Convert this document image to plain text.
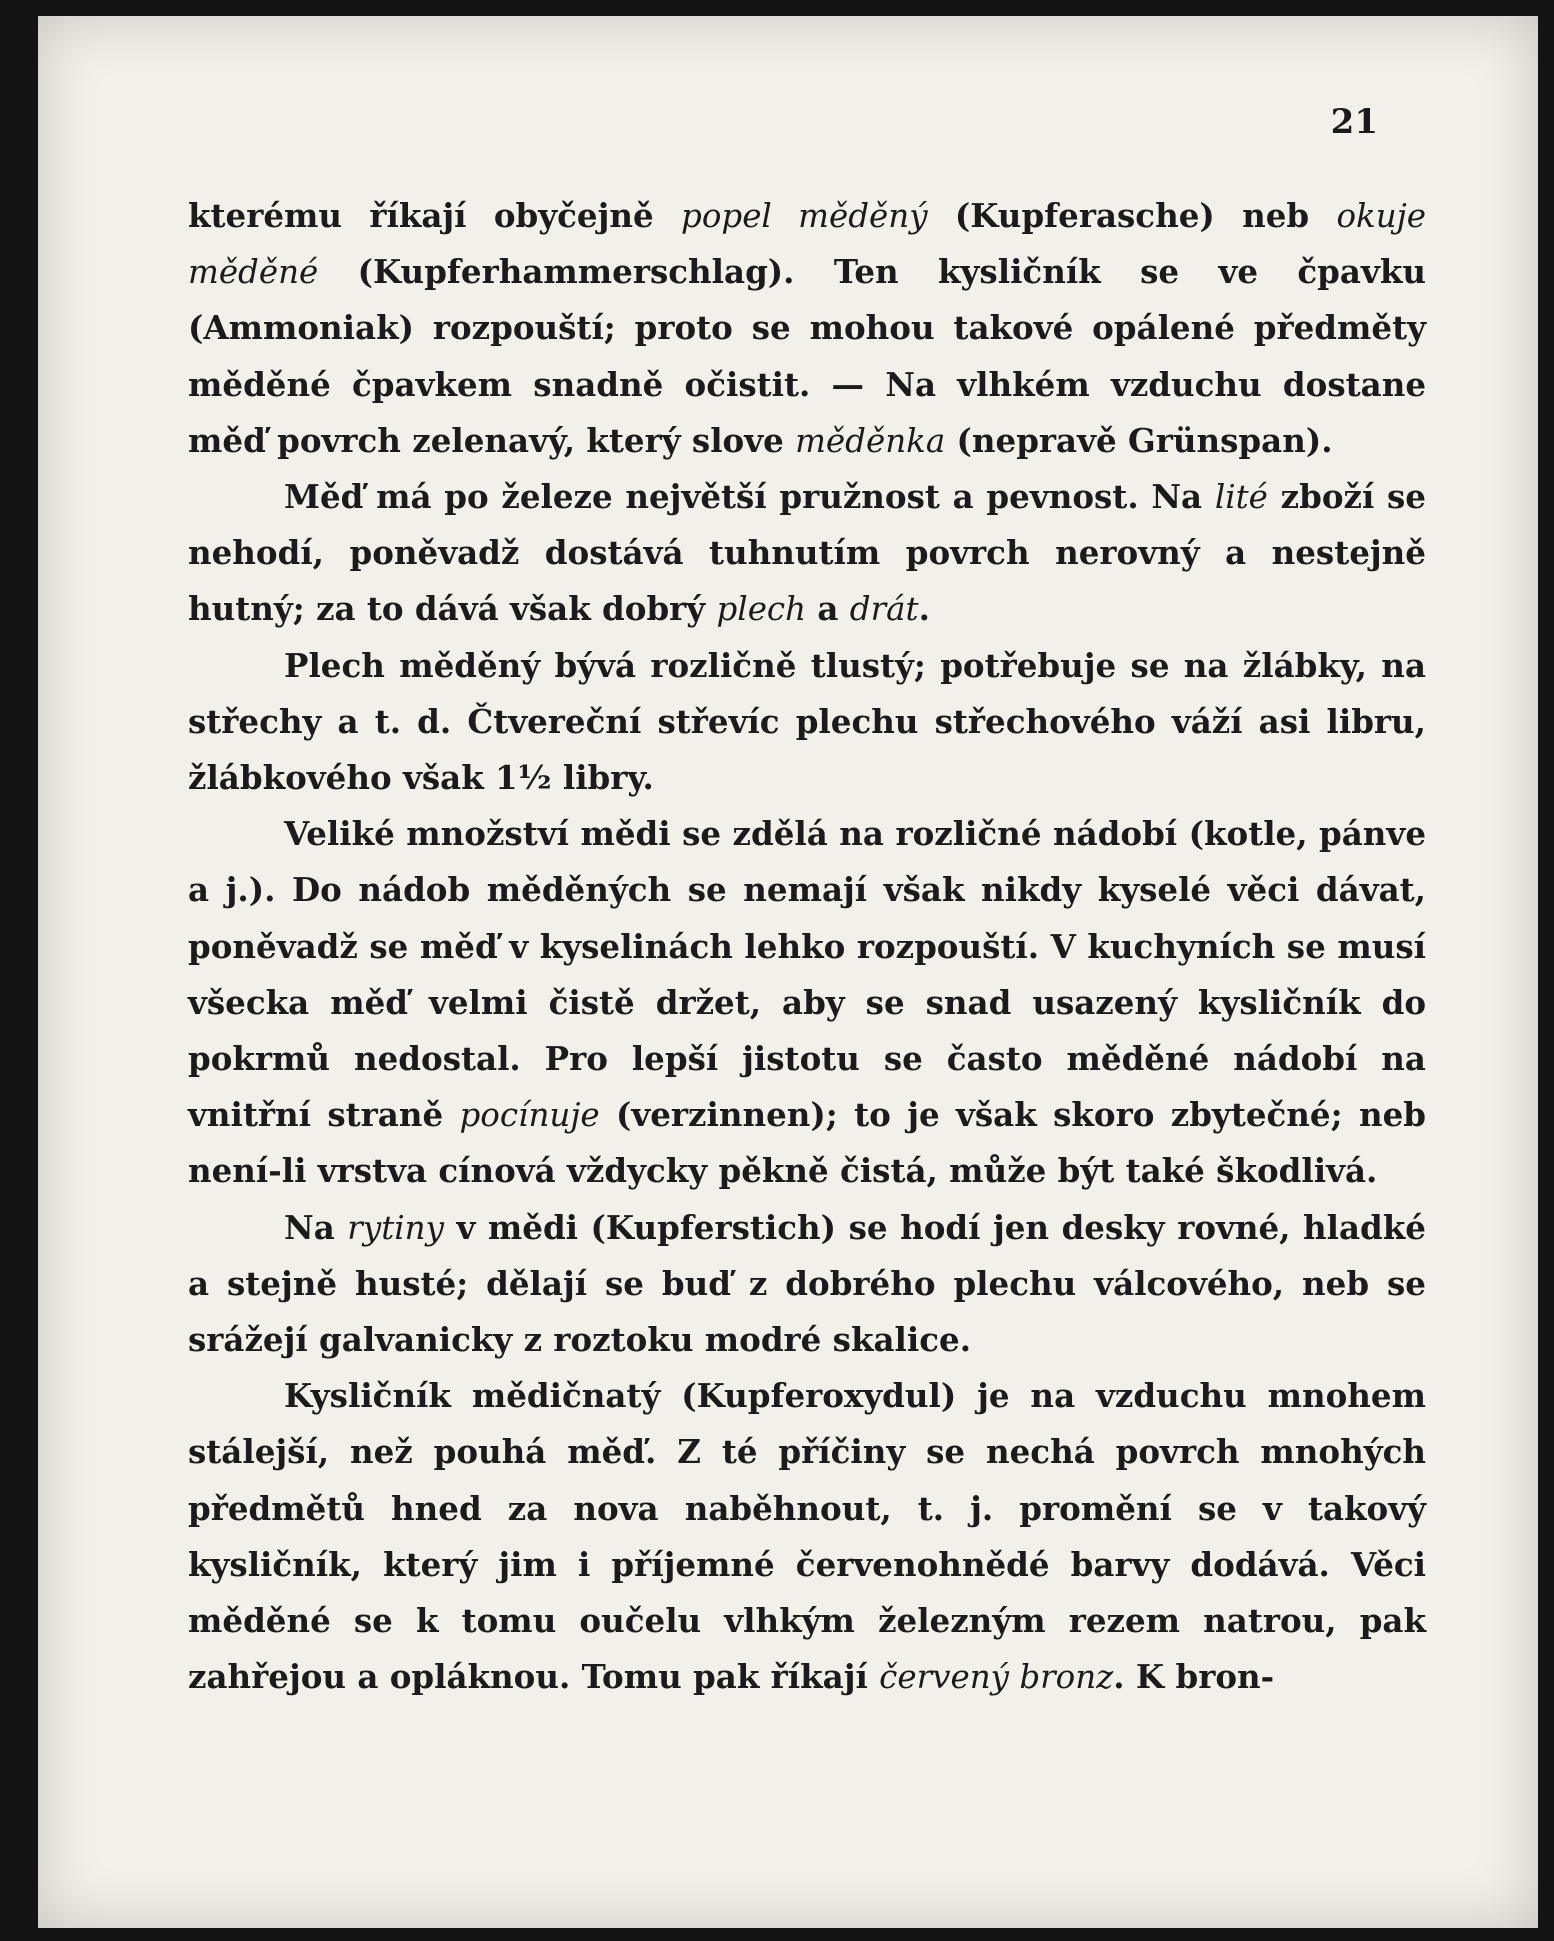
21

kterému říkají obyčejně popel měděný (Kupferasche) neb okuje měděné (Kupferhammerschlag). Ten kysličník se ve čpavku (Ammoniak) rozpouští; proto se mohou takové opálené předměty měděné čpavkem snadně očistit. — Na vlhkém vzduchu dostane měď povrch zelenavý, který slove měděnka (nepravě Grünspan).

Měď má po železe největší pružnost a pevnost. Na lité zboží se nehodí, poněvadž dostává tuhnutím povrch nerovný a nestejně hutný; za to dává však dobrý plech a drát.

Plech měděný bývá rozličně tlustý; potřebuje se na žlábky, na střechy a t. d. Čtvereční střevíc plechu střechového váží asi libru, žlábkového však 1½ libry.

Veliké množství mědi se zdělá na rozličné nádobí (kotle, pánve a j.). Do nádob měděných se nemají však nikdy kyselé věci dávat, poněvadž se měď v kyselinách lehko rozpouští. V kuchyních se musí všecka měď velmi čistě držet, aby se snad usazený kysličník do pokrmů nedostal. Pro lepší jistotu se často měděné nádobí na vnitřní straně pocínuje (verzinnen); to je však skoro zbytečné; neb není-li vrstva cínová vždycky pěkně čistá, může být také škodlivá.

Na rytiny v mědi (Kupferstich) se hodí jen desky rovné, hladké a stejně husté; dělají se buď z dobrého plechu válcového, neb se srážejí galvanicky z roztoku modré skalice.

Kysličník mědičnatý (Kupferoxydul) je na vzduchu mnohem stálejší, než pouhá měď. Z té příčiny se nechá povrch mnohých předmětů hned za nova naběhnout, t. j. promění se v takový kysličník, který jim i příjemné červenohnědé barvy dodává. Věci měděné se k tomu oučelu vlhkým železným rezem natrou, pak zahřejou a opláknou. Tomu pak říkají červený bronz. K bron-
